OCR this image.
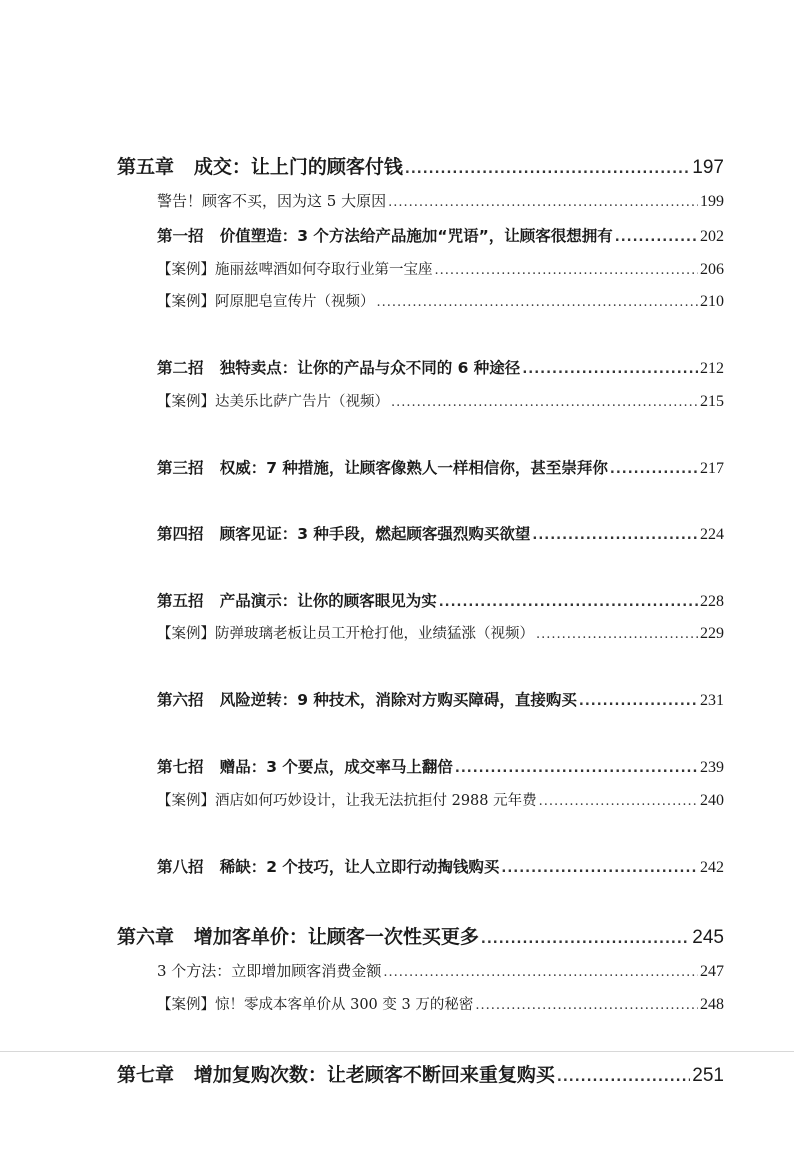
第五章 成交：让上门的顾客付钱 .....	197
警告！顾客不买，因为这 5 大原因 .....	199
第一招 价值塑造：3 个方法给产品施加“咒语”，让顾客很想拥有 .....	202
【案例】施丽兹啤酒如何夺取行业第一宝座 .....	206
【案例】阿原肥皂宣传片（视频） .....	210
第二招 独特卖点：让你的产品与众不同的 6 种途径 .....	212
【案例】达美乐比萨广告片（视频） .....	215
第三招 权威：7 种措施，让顾客像熟人一样相信你，甚至崇拜你 .....	217
第四招 顾客见证：3 种手段，燃起顾客强烈购买欲望 .....	224
第五招 产品演示：让你的顾客眼见为实 .....	228
【案例】防弹玻璃老板让员工开枪打他，业绩猛涨（视频） .....	229
第六招 风险逆转：9 种技术，消除对方购买障碍，直接购买 .....	231
第七招 赠品：3 个要点，成交率马上翻倍 .....	239
【案例】酒店如何巧妙设计，让我无法抗拒付 2988 元年费 .....	240
第八招 稀缺：2 个技巧，让人立即行动掏钱购买 .....	242
第六章 增加客单价：让顾客一次性买更多 .....	245
3 个方法：立即增加顾客消费金额 .....	247
【案例】惊！零成本客单价从 300 变 3 万的秘密 .....	248
第七章 增加复购次数：让老顾客不断回来重复购买 .....	251
